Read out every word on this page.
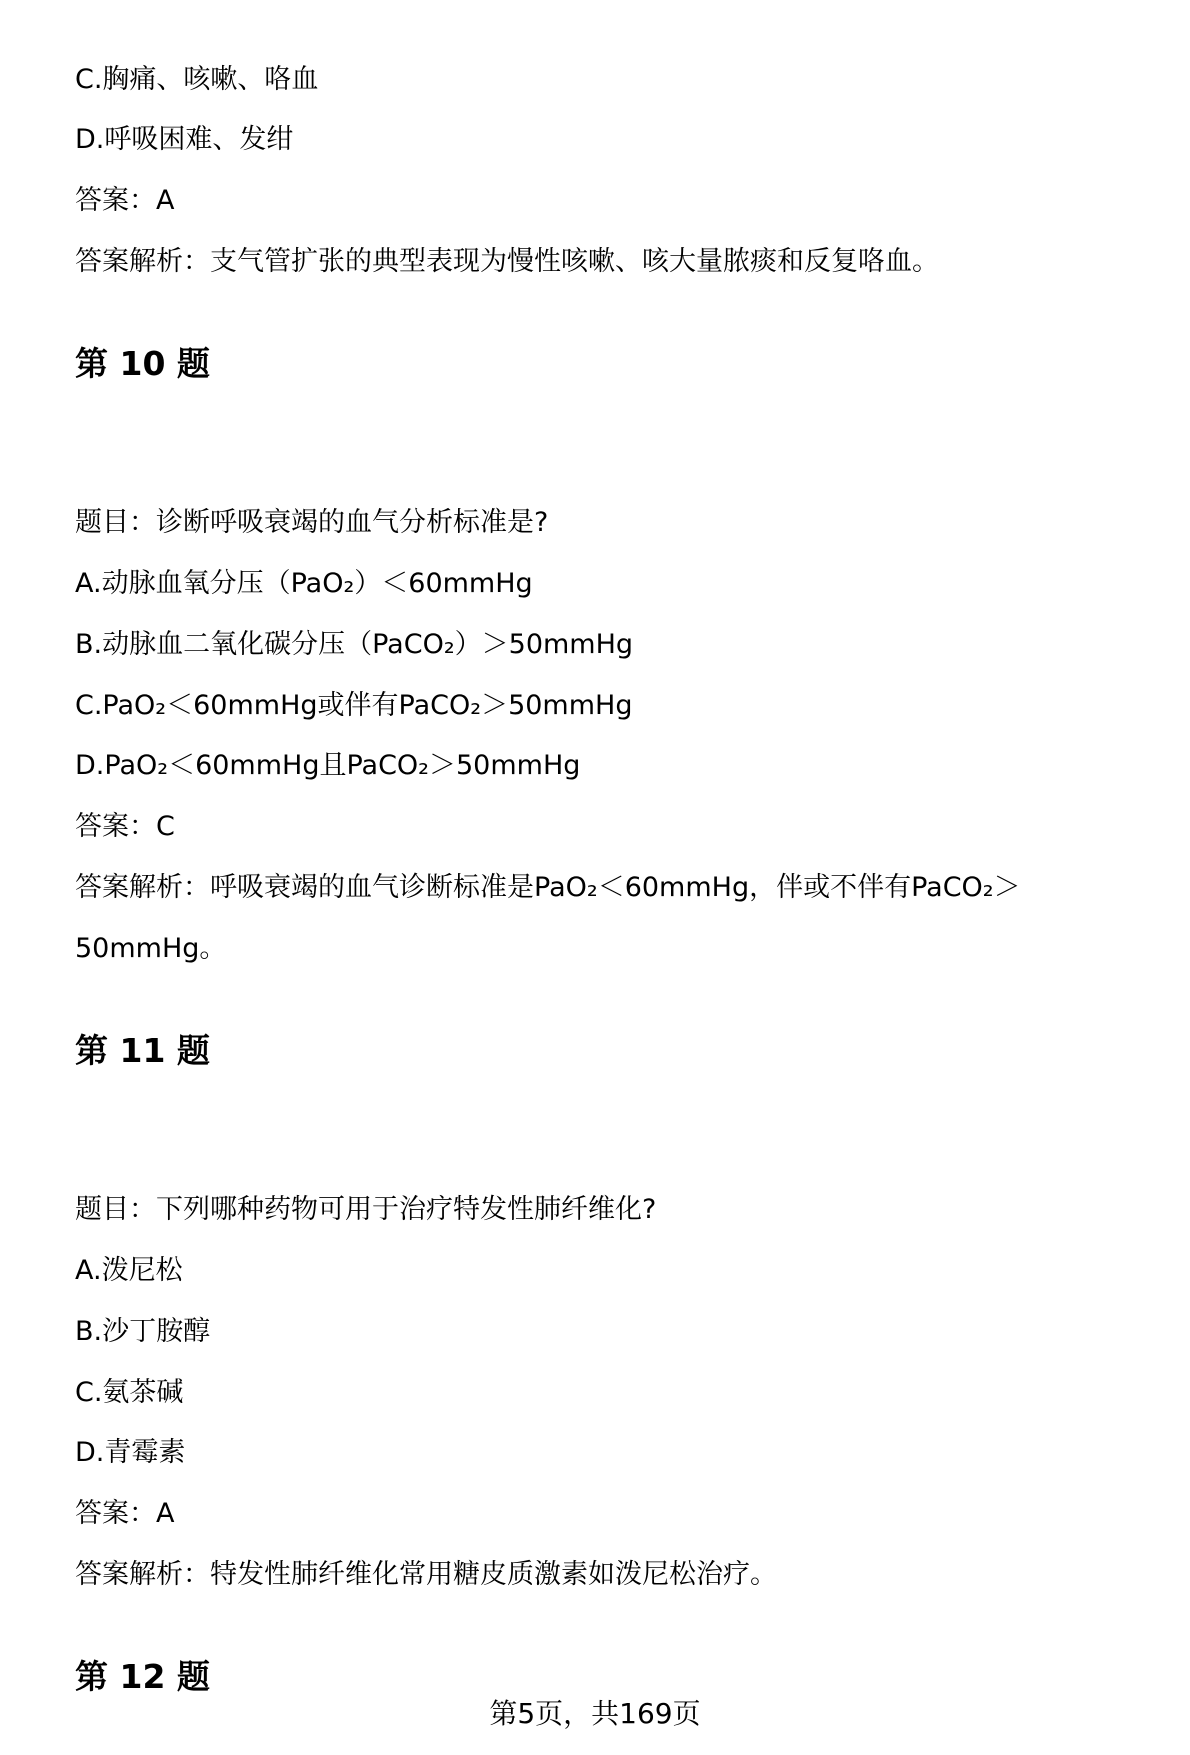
C.胸痛、咳嗽、咯血
D.呼吸困难、发绀
答案：A
答案解析：支气管扩张的典型表现为慢性咳嗽、咳大量脓痰和反复咯血。
第 10 题
题目：诊断呼吸衰竭的血气分析标准是?
A.动脉血氧分压（PaO₂）＜60mmHg
B.动脉血二氧化碳分压（PaCO₂）＞50mmHg
C.PaO₂＜60mmHg或伴有PaCO₂＞50mmHg
D.PaO₂＜60mmHg且PaCO₂＞50mmHg
答案：C
答案解析：呼吸衰竭的血气诊断标准是PaO₂＜60mmHg，伴或不伴有PaCO₂＞
50mmHg。
第 11 题
题目：下列哪种药物可用于治疗特发性肺纤维化?
A.泼尼松
B.沙丁胺醇
C.氨茶碱
D.青霉素
答案：A
答案解析：特发性肺纤维化常用糖皮质激素如泼尼松治疗。
第 12 题
第5页，共169页
